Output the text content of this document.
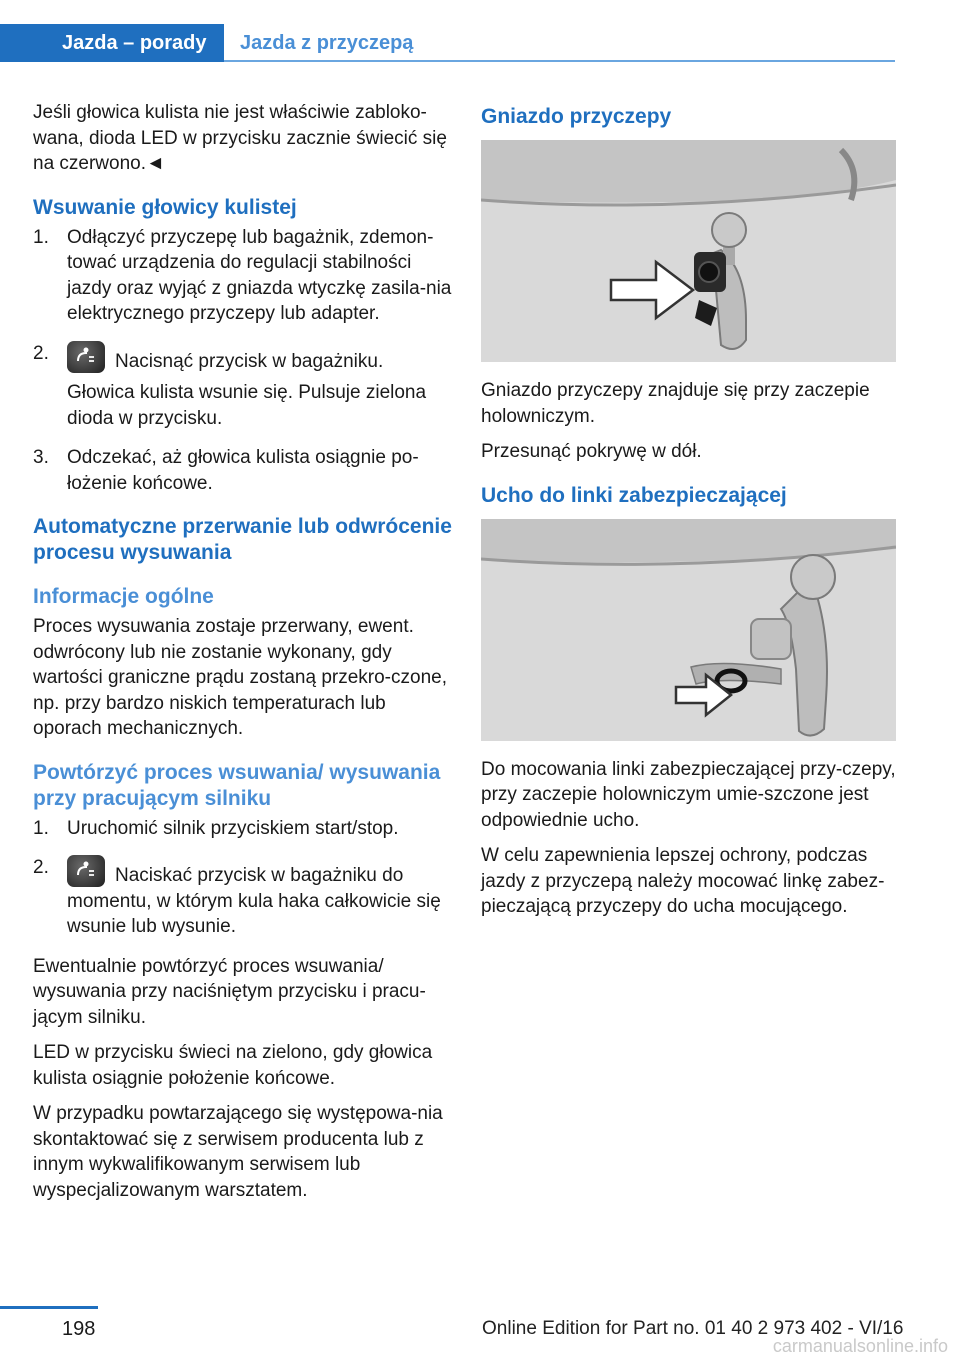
Jazda – porady	Jazda z przyczepą

Jeśli głowica kulista nie jest właściwie zabloko-wana, dioda LED w przycisku zacznie świecić się na czerwono.◄

Wsuwanie głowicy kulistej
1. Odłączyć przyczepę lub bagażnik, zdemon-tować urządzenia do regulacji stabilności jazdy oraz wyjąć z gniazda wtyczkę zasila-nia elektrycznego przyczepy lub adapter.

2.	Nacisnąć przycisk w bagażniku.

Głowica kulista wsunie się. Pulsuje zielona dioda w przycisku.

3. Odczekać, aż głowica kulista osiągnie po-łożenie końcowe.

Automatyczne przerwanie lub odwrócenie procesu wysuwania
Informacje ogólne

Proces wysuwania zostaje przerwany, ewent. odwrócony lub nie zostanie wykonany, gdy wartości graniczne prądu zostaną przekro-czone, np. przy bardzo niskich temperaturach lub oporach mechanicznych.

Powtórzyć proces wsuwania/ wysuwania przy pracującym silniku
1. Uruchomić silnik przyciskiem start/stop.

2.	Naciskać przycisk w bagażniku do momentu, w którym kula haka całkowicie się wsunie lub wysunie.

Ewentualnie powtórzyć proces wsuwania/ wysuwania przy naciśniętym przycisku i pracu-jącym silniku.

LED w przycisku świeci na zielono, gdy głowica kulista osiągnie położenie końcowe.

W przypadku powtarzającego się występowa-nia skontaktować się z serwisem producenta lub z innym wykwalifikowanym serwisem lub wyspecjalizowanym warsztatem.

Gniazdo przyczepy

Gniazdo przyczepy znajduje się przy zaczepie holowniczym.

Przesunąć pokrywę w dół.

Ucho do linki zabezpieczającej

Do mocowania linki zabezpieczającej przy-czepy, przy zaczepie holowniczym umie-szczone jest odpowiednie ucho.

W celu zapewnienia lepszej ochrony, podczas jazdy z przyczepą należy mocować linkę zabez-pieczającą przyczepy do ucha mocującego.

198	Online Edition for Part no. 01 40 2 973 402 - VI/16
carmanualsonline.info
